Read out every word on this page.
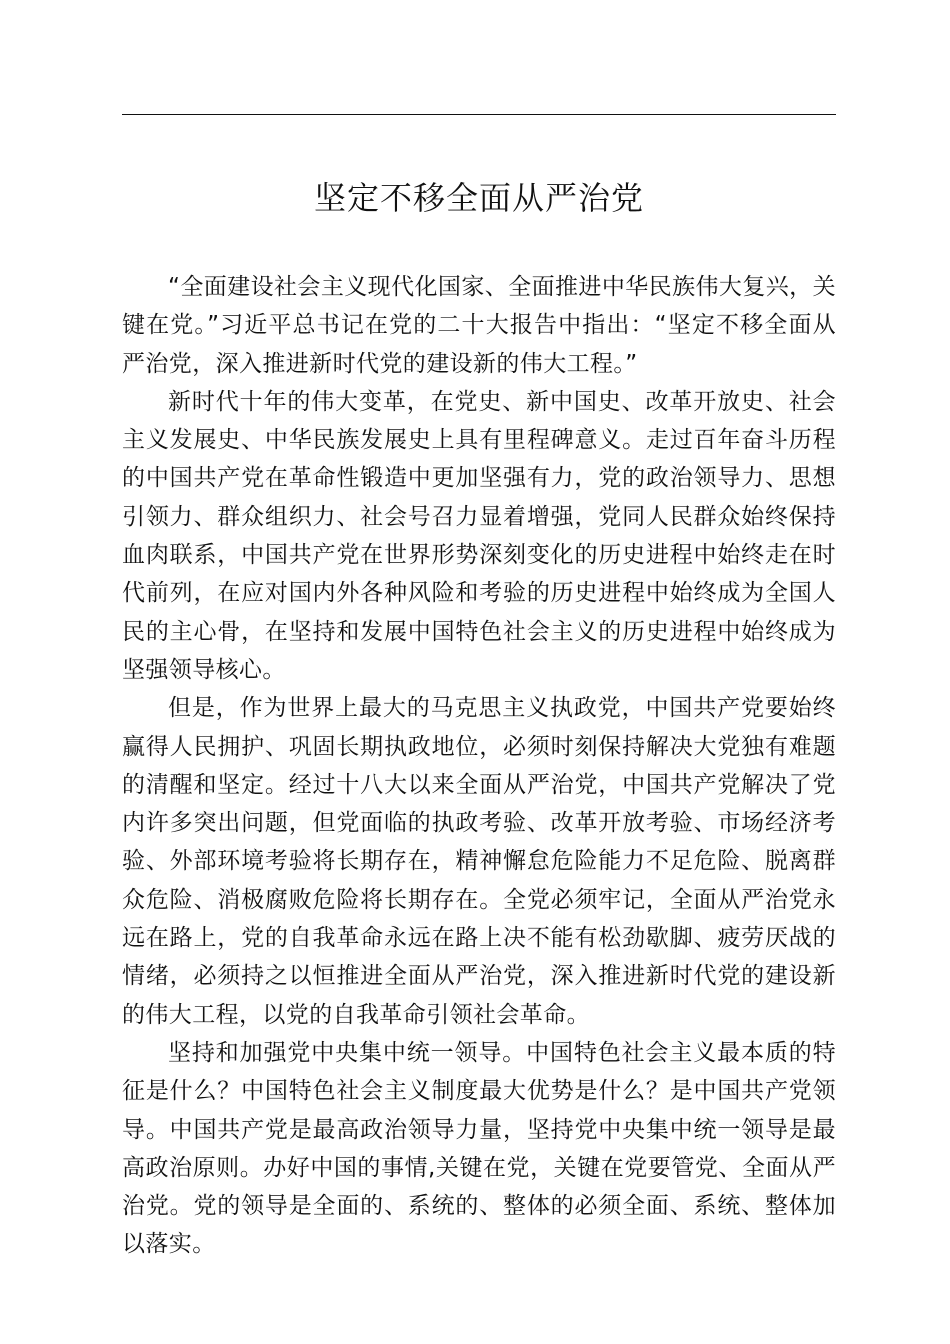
坚定不移全面从严治党

“全面建设社会主义现代化国家、全面推进中华民族伟大复兴，关键在党。”习近平总书记在党的二十大报告中指出：“坚定不移全面从严治党，深入推进新时代党的建设新的伟大工程。”

新时代十年的伟大变革，在党史、新中国史、改革开放史、社会主义发展史、中华民族发展史上具有里程碑意义。走过百年奋斗历程的中国共产党在革命性锻造中更加坚强有力，党的政治领导力、思想引领力、群众组织力、社会号召力显着增强，党同人民群众始终保持血肉联系，中国共产党在世界形势深刻变化的历史进程中始终走在时代前列，在应对国内外各种风险和考验的历史进程中始终成为全国人民的主心骨，在坚持和发展中国特色社会主义的历史进程中始终成为坚强领导核心。

但是，作为世界上最大的马克思主义执政党，中国共产党要始终赢得人民拥护、巩固长期执政地位，必须时刻保持解决大党独有难题的清醒和坚定。经过十八大以来全面从严治党，中国共产党解决了党内许多突出问题，但党面临的执政考验、改革开放考验、市场经济考验、外部环境考验将长期存在，精神懈怠危险能力不足危险、脱离群众危险、消极腐败危险将长期存在。全党必须牢记，全面从严治党永远在路上，党的自我革命永远在路上决不能有松劲歇脚、疲劳厌战的情绪，必须持之以恒推进全面从严治党，深入推进新时代党的建设新的伟大工程，以党的自我革命引领社会革命。

坚持和加强党中央集中统一领导。中国特色社会主义最本质的特征是什么？中国特色社会主义制度最大优势是什么？是中国共产党领导。中国共产党是最高政治领导力量，坚持党中央集中统一领导是最高政治原则。办好中国的事情,关键在党，关键在党要管党、全面从严治党。党的领导是全面的、系统的、整体的必须全面、系统、整体加以落实。
